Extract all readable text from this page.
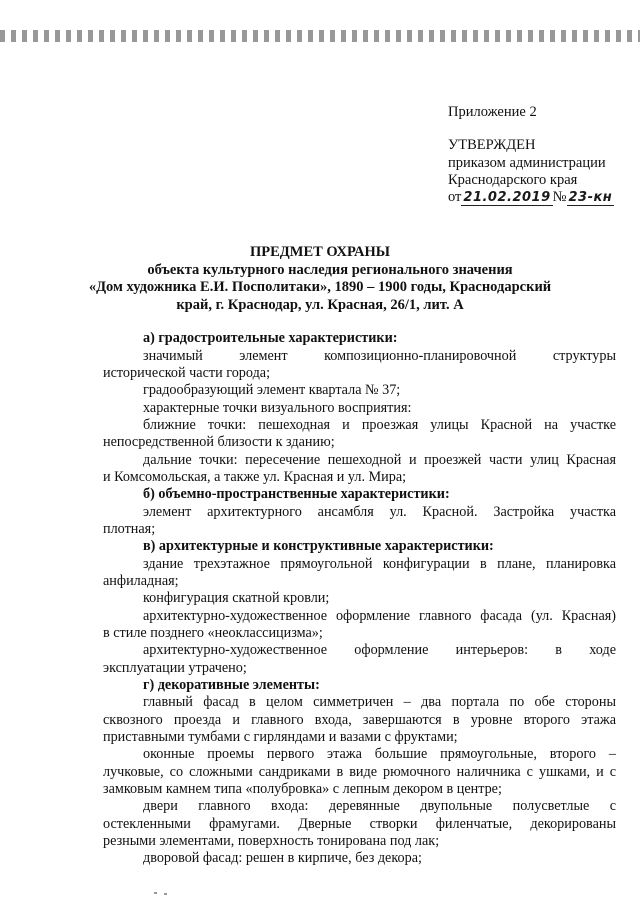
Приложение 2
УТВЕРЖДЕН
приказом администрации
Краснодарского края
от 21.02.2019 № 23-кн
ПРЕДМЕТ ОХРАНЫ
объекта культурного наследия регионального значения
«Дом художника Е.И. Посполитаки», 1890 – 1900 годы, Краснодарский
край, г. Краснодар, ул. Красная, 26/1, лит. А
а) градостроительные характеристики:
значимый элемент композиционно-планировочной структуры
исторической части города;
градообразующий элемент квартала № 37;
характерные точки визуального восприятия:
ближние точки: пешеходная и проезжая улицы Красной на участке
непосредственной близости к зданию;
дальние точки: пересечение пешеходной и проезжей части улиц Красная
и Комсомольская, а также ул. Красная и ул. Мира;
б) объемно-пространственные характеристики:
элемент архитектурного ансамбля ул. Красной. Застройка участка
плотная;
в) архитектурные и конструктивные характеристики:
здание трехэтажное прямоугольной конфигурации в плане, планировка
анфиладная;
конфигурация скатной кровли;
архитектурно-художественное оформление главного фасада (ул. Красная)
в стиле позднего «неоклассицизма»;
архитектурно-художественное оформление интерьеров: в ходе
эксплуатации утрачено;
г) декоративные элементы:
главный фасад в целом симметричен – два портала по обе стороны
сквозного проезда и главного входа, завершаются в уровне второго этажа
приставными тумбами с гирляндами и вазами с фруктами;
оконные проемы первого этажа большие прямоугольные, второго –
лучковые, со сложными сандриками в виде рюмочного наличника с ушками, и с
замковым камнем типа «полубровка» с лепным декором в центре;
двери главного входа: деревянные двупольные полусветлые с
остекленными фрамугами. Дверные створки филенчатые, декорированы
резными элементами, поверхность тонирована под лак;
дворовой фасад: решен в кирпиче, без декора;
